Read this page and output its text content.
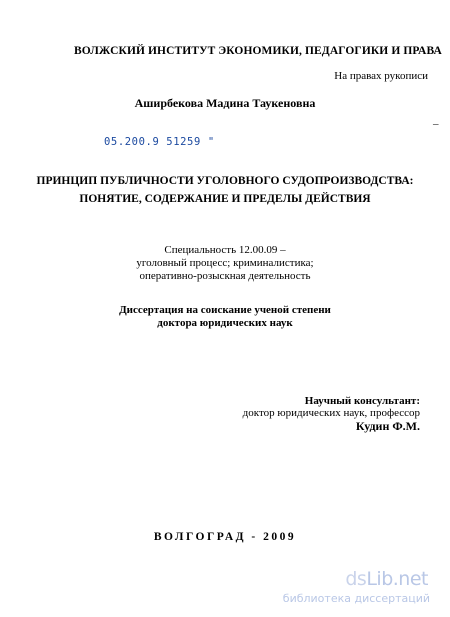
ВОЛЖСКИЙ ИНСТИТУТ ЭКОНОМИКИ, ПЕДАГОГИКИ И ПРАВА
На правах рукописи
Аширбекова Мадина Таукеновна
–
05.200.9 51259 "
ПРИНЦИП ПУБЛИЧНОСТИ УГОЛОВНОГО СУДОПРОИЗВОДСТВА:
ПОНЯТИЕ, СОДЕРЖАНИЕ И ПРЕДЕЛЫ ДЕЙСТВИЯ
Специальность 12.00.09 –
уголовный процесс; криминалистика;
оперативно-розыскная деятельность
Диссертация на соискание ученой степени
доктора юридических наук
Научный консультант:
доктор юридических наук, профессор
Кудин Ф.М.
ВОЛГОГРАД - 2009
dsLib.net
библиотека диссертаций
